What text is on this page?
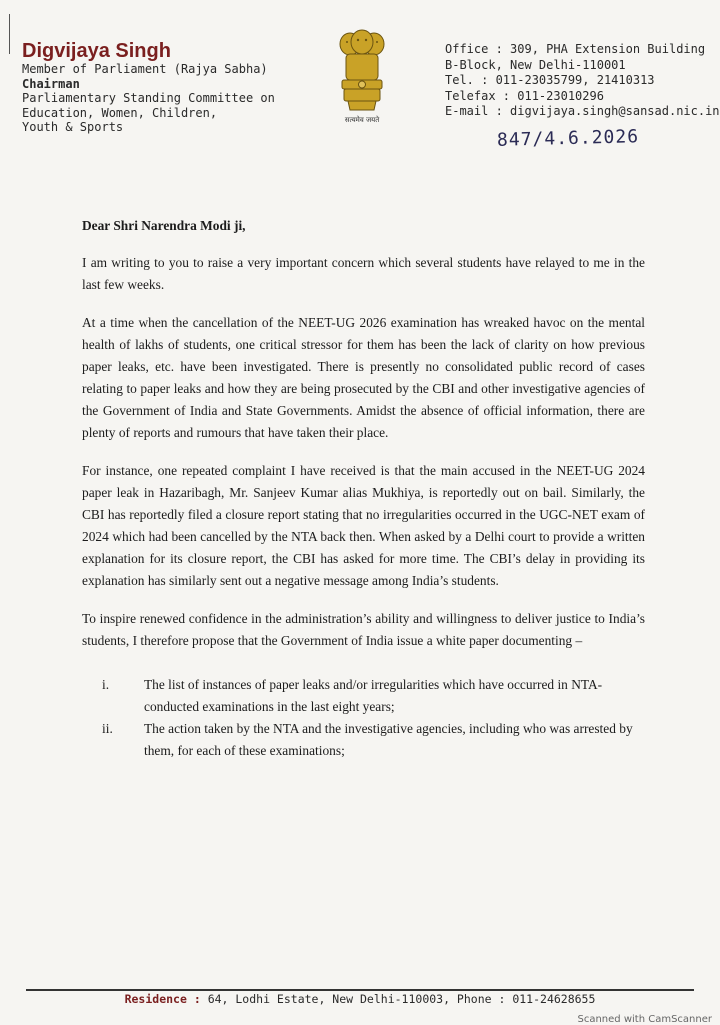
Digvijaya Singh
Member of Parliament (Rajya Sabha)
Chairman
Parliamentary Standing Committee on
Education, Women, Children,
Youth & Sports	सत्यमेव जयते
Office : 309, PHA Extension Building
B-Block, New Delhi-110001
Tel. : 011-23035799, 21410313
Telefax : 011-23010296
E-mail : digvijaya.singh@sansad.nic.in
847/4.6.2026

Dear Shri Narendra Modi ji,

I am writing to you to raise a very important concern which several students have relayed to me in the last few weeks.

At a time when the cancellation of the NEET-UG 2026 examination has wreaked havoc on the mental health of lakhs of students, one critical stressor for them has been the lack of clarity on how previous paper leaks, etc. have been investigated. There is presently no consolidated public record of cases relating to paper leaks and how they are being prosecuted by the CBI and other investigative agencies of the Government of India and State Governments. Amidst the absence of official information, there are plenty of reports and rumours that have taken their place.

For instance, one repeated complaint I have received is that the main accused in the NEET-UG 2024 paper leak in Hazaribagh, Mr. Sanjeev Kumar alias Mukhiya, is reportedly out on bail. Similarly, the CBI has reportedly filed a closure report stating that no irregularities occurred in the UGC-NET exam of 2024 which had been cancelled by the NTA back then. When asked by a Delhi court to provide a written explanation for its closure report, the CBI has asked for more time. The CBI’s delay in providing its explanation has similarly sent out a negative message among India’s students.

To inspire renewed confidence in the administration’s ability and willingness to deliver justice to India’s students, I therefore propose that the Government of India issue a white paper documenting –

i.	The list of instances of paper leaks and/or irregularities which have occurred in NTA-conducted examinations in the last eight years;
ii.	The action taken by the NTA and the investigative agencies, including who was arrested by them, for each of these examinations;
Residence : 64, Lodhi Estate, New Delhi-110003, Phone : 011-24628655
Scanned with CamScanner
